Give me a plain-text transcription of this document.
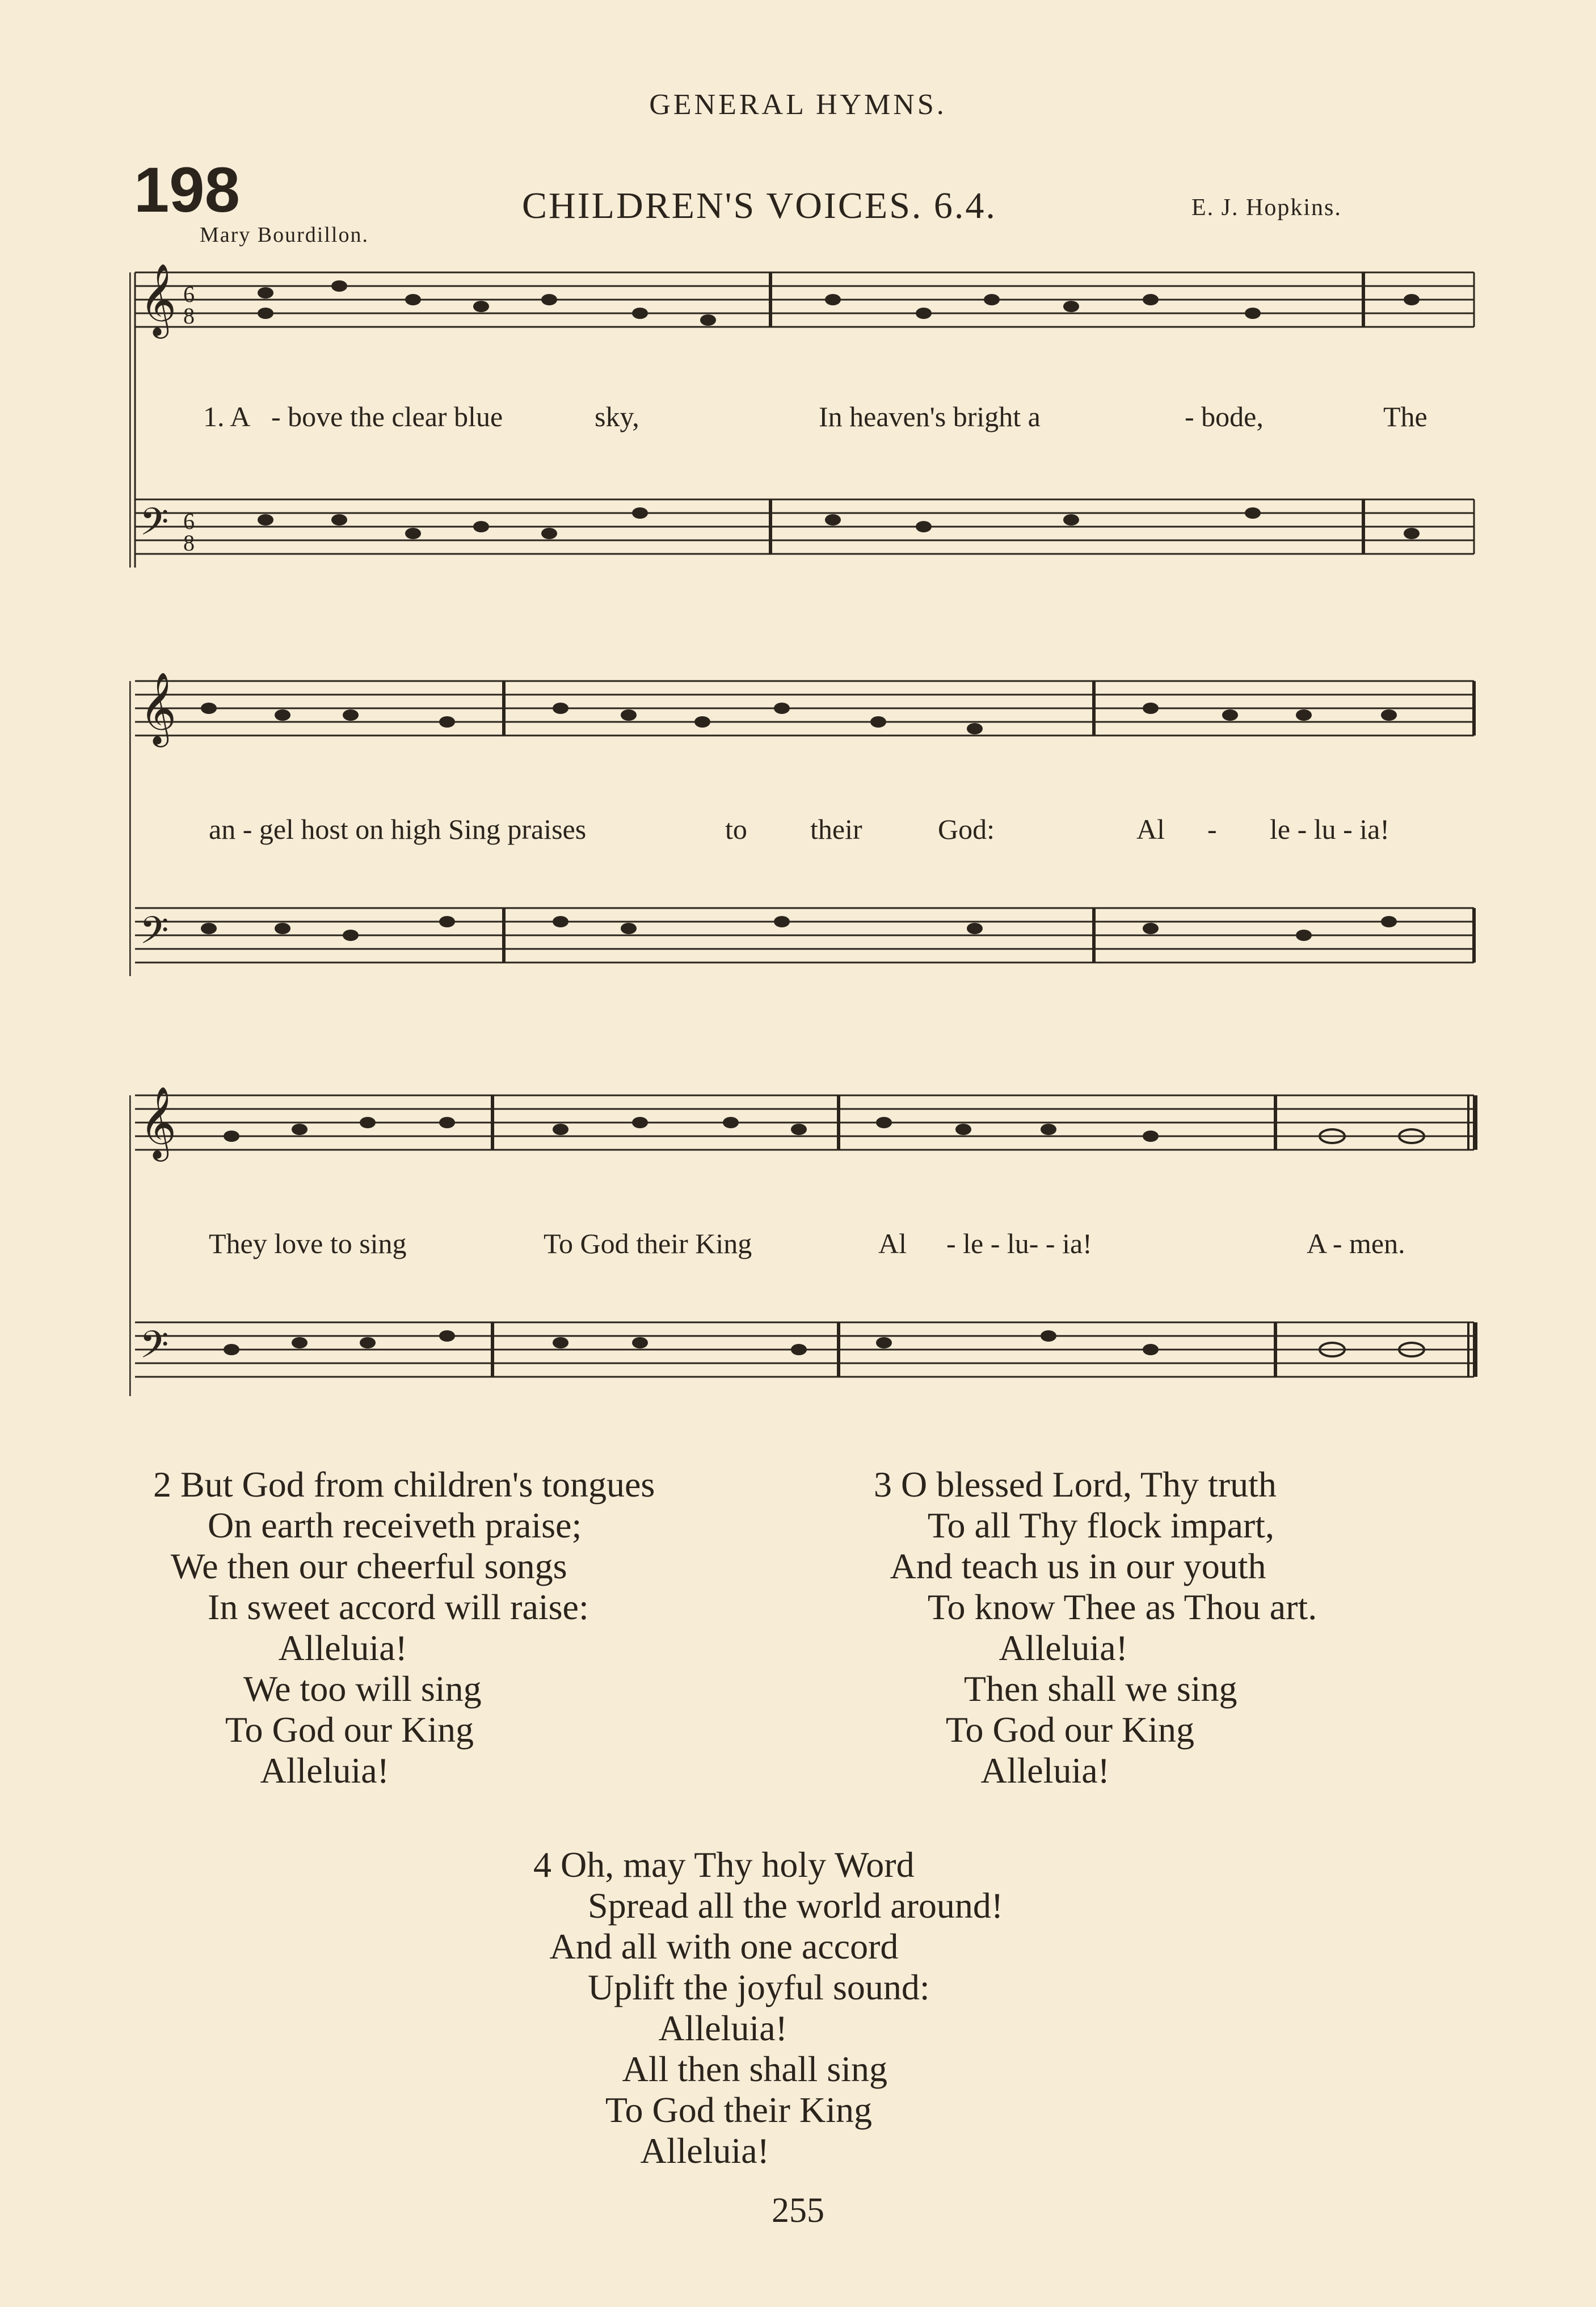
GENERAL HYMNS.
198	CHILDREN'S VOICES. 6.4.	E. J. Hopkins.
Mary Bourdillon.
𝄞
𝄢
6
8
6
8
1. A - bove the clear blue	sky,	In heaven's bright a	- bode,	The
𝄞
𝄢
an - gel host on high Sing praises	to their	God:	Al - le - lu - ia!
𝄞
𝄢
They love to sing	To God their King	Al - le - lu- - ia!	A - men.
2 But God from children's tongues
On earth receiveth praise;
We then our cheerful songs
In sweet accord will raise:
Alleluia!
We too will sing
To God our King
Alleluia!
3 O blessed Lord, Thy truth
To all Thy flock impart,
And teach us in our youth
To know Thee as Thou art.
Alleluia!
Then shall we sing
To God our King
Alleluia!
4 Oh, may Thy holy Word
Spread all the world around!
And all with one accord
Uplift the joyful sound:
Alleluia!
All then shall sing
To God their King
Alleluia!
255
